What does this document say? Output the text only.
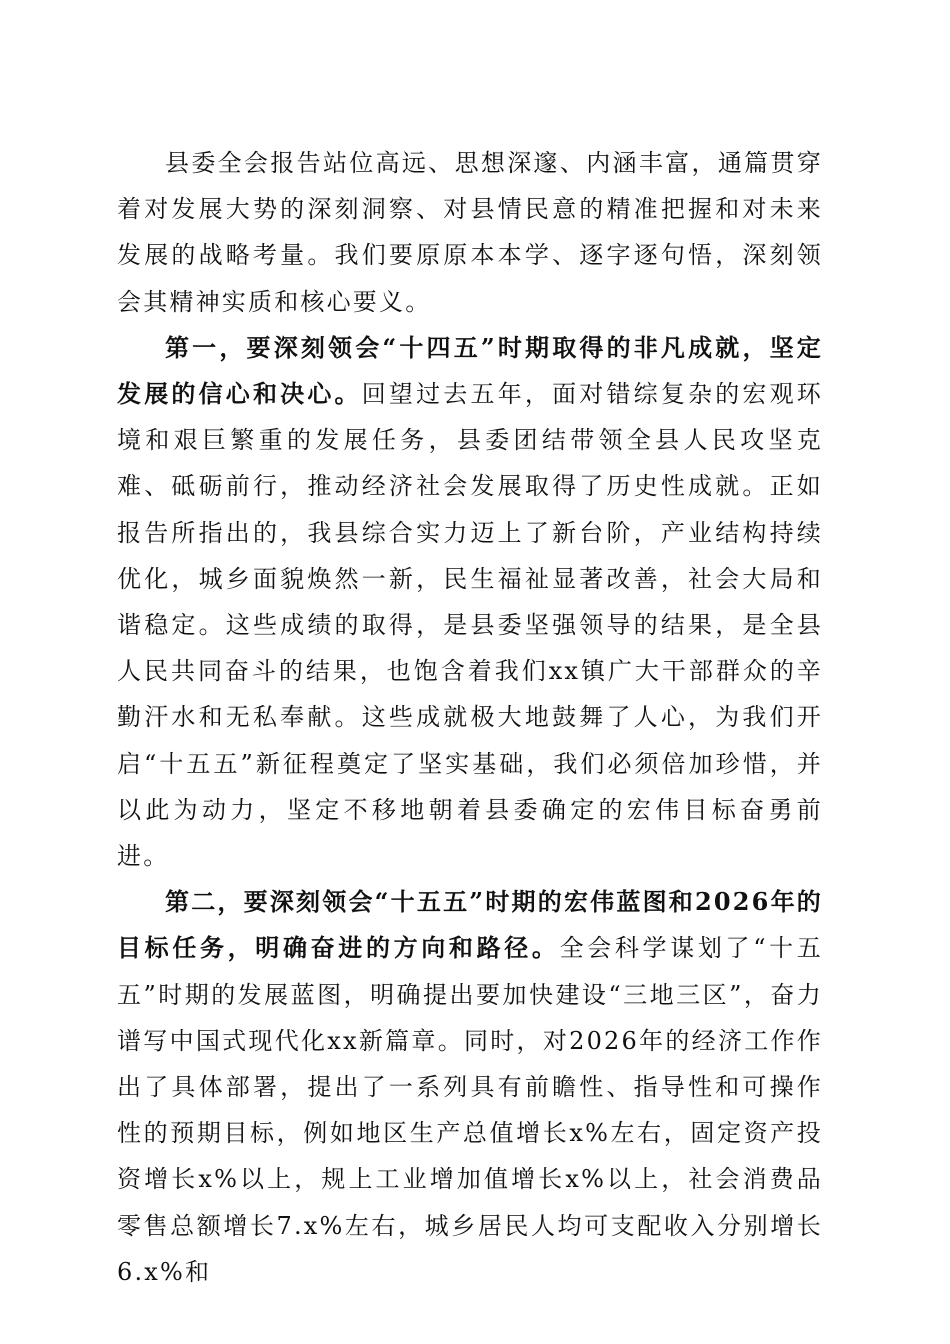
县委全会报告站位高远、思想深邃、内涵丰富，通篇贯穿着对发展大势的深刻洞察、对县情民意的精准把握和对未来发展的战略考量。我们要原原本本学、逐字逐句悟，深刻领会其精神实质和核心要义。

第一，要深刻领会“十四五”时期取得的非凡成就，坚定发展的信心和决心。回望过去五年，面对错综复杂的宏观环境和艰巨繁重的发展任务，县委团结带领全县人民攻坚克难、砥砺前行，推动经济社会发展取得了历史性成就。正如报告所指出的，我县综合实力迈上了新台阶，产业结构持续优化，城乡面貌焕然一新，民生福祉显著改善，社会大局和谐稳定。这些成绩的取得，是县委坚强领导的结果，是全县人民共同奋斗的结果，也饱含着我们xx镇广大干部群众的辛勤汗水和无私奉献。这些成就极大地鼓舞了人心，为我们开启“十五五”新征程奠定了坚实基础，我们必须倍加珍惜，并以此为动力，坚定不移地朝着县委确定的宏伟目标奋勇前进。

第二，要深刻领会“十五五”时期的宏伟蓝图和2026年的目标任务，明确奋进的方向和路径。全会科学谋划了“十五五”时期的发展蓝图，明确提出要加快建设“三地三区”，奋力谱写中国式现代化xx新篇章。同时，对2026年的经济工作作出了具体部署，提出了一系列具有前瞻性、指导性和可操作性的预期目标，例如地区生产总值增长x%左右，固定资产投资增长x%以上，规上工业增加值增长x%以上，社会消费品零售总额增长7.x%左右，城乡居民人均可支配收入分别增长6.x%和
